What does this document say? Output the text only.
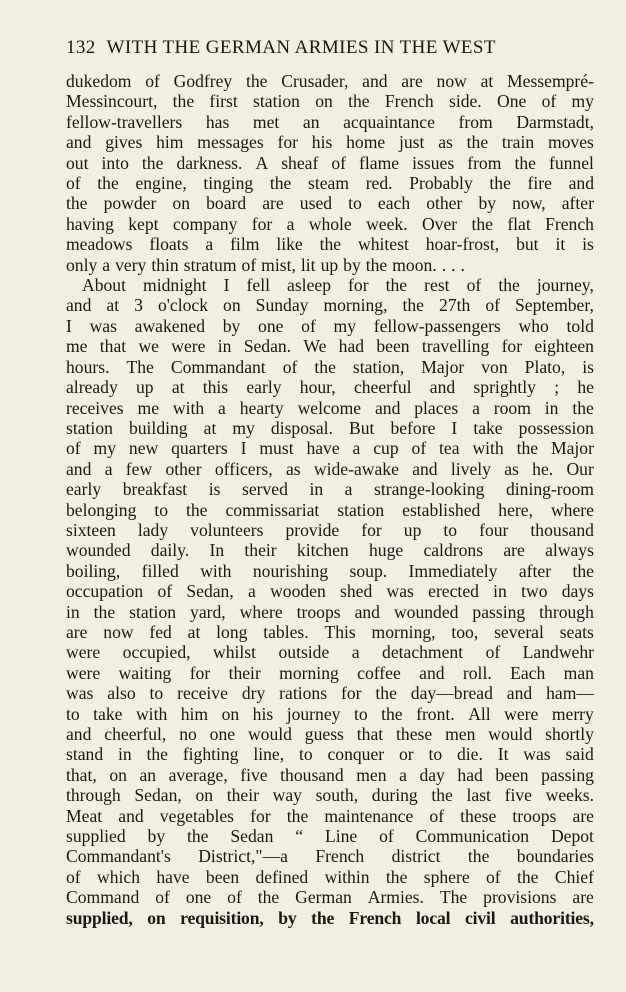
132 WITH THE GERMAN ARMIES IN THE WEST
dukedom of Godfrey the Crusader, and are now at Messempré-
Messincourt, the first station on the French side. One of my
fellow-travellers has met an acquaintance from Darmstadt,
and gives him messages for his home just as the train moves
out into the darkness. A sheaf of flame issues from the funnel
of the engine, tinging the steam red. Probably the fire and
the powder on board are used to each other by now, after
having kept company for a whole week. Over the flat French
meadows floats a film like the whitest hoar-frost, but it is
only a very thin stratum of mist, lit up by the moon. . . .
About midnight I fell asleep for the rest of the journey,
and at 3 o'clock on Sunday morning, the 27th of September,
I was awakened by one of my fellow-passengers who told
me that we were in Sedan. We had been travelling for eighteen
hours. The Commandant of the station, Major von Plato, is
already up at this early hour, cheerful and sprightly ; he
receives me with a hearty welcome and places a room in the
station building at my disposal. But before I take possession
of my new quarters I must have a cup of tea with the Major
and a few other officers, as wide-awake and lively as he. Our
early breakfast is served in a strange-looking dining-room
belonging to the commissariat station established here, where
sixteen lady volunteers provide for up to four thousand
wounded daily. In their kitchen huge caldrons are always
boiling, filled with nourishing soup. Immediately after the
occupation of Sedan, a wooden shed was erected in two days
in the station yard, where troops and wounded passing through
are now fed at long tables. This morning, too, several seats
were occupied, whilst outside a detachment of Landwehr
were waiting for their morning coffee and roll. Each man
was also to receive dry rations for the day—bread and ham—
to take with him on his journey to the front. All were merry
and cheerful, no one would guess that these men would shortly
stand in the fighting line, to conquer or to die. It was said
that, on an average, five thousand men a day had been passing
through Sedan, on their way south, during the last five weeks.
Meat and vegetables for the maintenance of these troops are
supplied by the Sedan “ Line of Communication Depot
Commandant's District,"—a French district the boundaries
of which have been defined within the sphere of the Chief
Command of one of the German Armies. The provisions are
supplied, on requisition, by the French local civil authorities,
